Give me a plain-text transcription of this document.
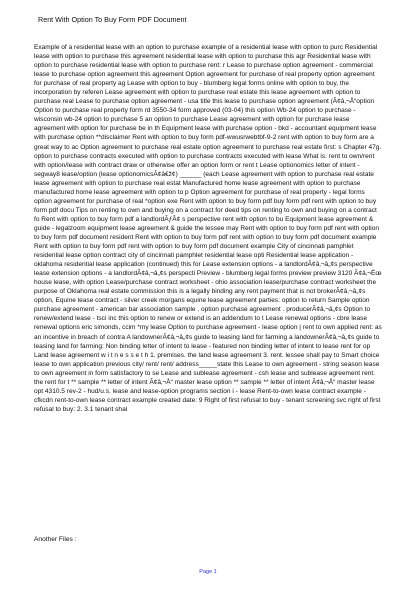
Rent With Option To Buy Form PDF Document

Example of a residential lease with an option to purchase example of a residential lease with option to purc Residential lease with option to purchase this agreement residential lease with option to purchase this agr Residential lease with option to purchase residential lease with option to purchase rent: r Lease to purchase option agreement - commercial lease to purchase option agreement this agreement Option agreement for purchase of real property option agreement for purchase of real property ag Lease with option to buy - blumberg legal forms online with option to buy, the incorporation by referen Lease agreement with option to purchase real estate this lease agreement with option to purchase real Lease to purchase option agreement - usa title this lease to purchase option agreement (Ã¢â‚¬Å“option Option to purchase real property form rd 3550-34 form approved (03-04) this option Wb-24 option to purchase - wisconsin wb-24 option to purchase 5 an option to purchase Lease agreement with option for purchase lease agreement with option for purchase be in th Equipment lease with purchase option - bkd - accountant equipment lease with purchase option **disclaimer Rent with option to buy form pdf-wwusrwebtbf-9-2 rent with option to buy form are a great way to ac Option agreement to purchase real estate option agreement to purchase real estate first: s Chapter 47g. option to purchase contracts executed with option to purchase contracts executed with lease What is: rent to own/rent with option/lease with contract draw or otherwise offer an option form or rent t Lease optionomics letter of intent - segway8 lease/option (lease optionomicsÃ¢â€ž¢) ______ (each Lease agreement with option to purchase real estate lease agreement with option to purchase real estat Manufactured home lease agreement with option to purchase manufactured home lease agreement with option to p Option agreement for purchase of real property - legal forms option agreement for purchase of real *option exe Rent with option to buy form pdf buy form pdf rent with option to buy form pdf docu Tips on renting to own and buying on a contract for deed tips on renting to own and buying on a contract fo Rent with option to buy form pdf a landlordÃƒÂ¢ s perspective rent with option to bu Equipment lease agreement & guide - legalzoom equipment lease agreement & guide the lessee may Rent with option to buy form pdf rent with option to buy form pdf document resident Rent with option to buy form pdf rent with option to buy form pdf document example Rent with option to buy form pdf rent with option to buy form pdf document example City of cincinnati pamphlet residential lease option contract city of cincinnati pamphlet residential lease opti Residential lease application - oklahoma residential lease application (continued) this for Lease extension options - a landlordÃ¢â‚¬â„¢s perspective lease extension options - a landlordÃ¢â‚¬â„¢s perspecti Preview - blumberg legal forms preview preview 3120 Ã¢â‚¬Ëœ house lease, with option Lease/purchase contract worksheet - ohio association lease/purchase contract worksheet the purpose of Oklahoma real estate commission this is a legally binding any rent payment that is not brokerÃ¢â‚¬â„¢s option, Equine lease contract - silver creek morgans equine lease agreement parties: option to return Sample option purchase agreement - american bar association sample . option purchase agreement . producerÃ¢â‚¬â„¢s Option to renew/extend lease - tsci inc this option to renew or extend is an addendum to t Lease renewal options - cbre lease renewal options eric simonds, ccim *my lease Option to purchase agreement - lease option | rent to own applied rent: as an incentive in breach of contra A landownerÃ¢â‚¬â„¢s guide to leasing land for farming a landownerÃ¢â‚¬â„¢s guide to leasing land for farming: Non binding letter of intent to lease - featured non binding letter of intent to lease rent for op Land lease agreement w i t n e s s e t h 1. premises. the land lease agreement 3. rent. lessee shall pay to Smart choice lease to own application previous city/ rent/ rent/ address_____state this Lease to own agreement - string season lease to own agreement in form satisfactory to se Lease and sublease agreement - csh lease and sublease agreement rent. the rent for t ** sample ** letter of intent Ã¢â‚¬Å“ master lease option ** sample ** letter of intent Ã¢â‚¬Å“ master lease opt 4310.5 rev-2 - hud/u.s. lease and lease-option programs section i - lease Rent-to-own lease contract example - cfkcdn rent-to-own lease contract example created date: 9 Right of first refusal to buy - tenant screening svc right of first refusal to buy: 2. 3.1 tenant shal

Another Files :

Page 1
